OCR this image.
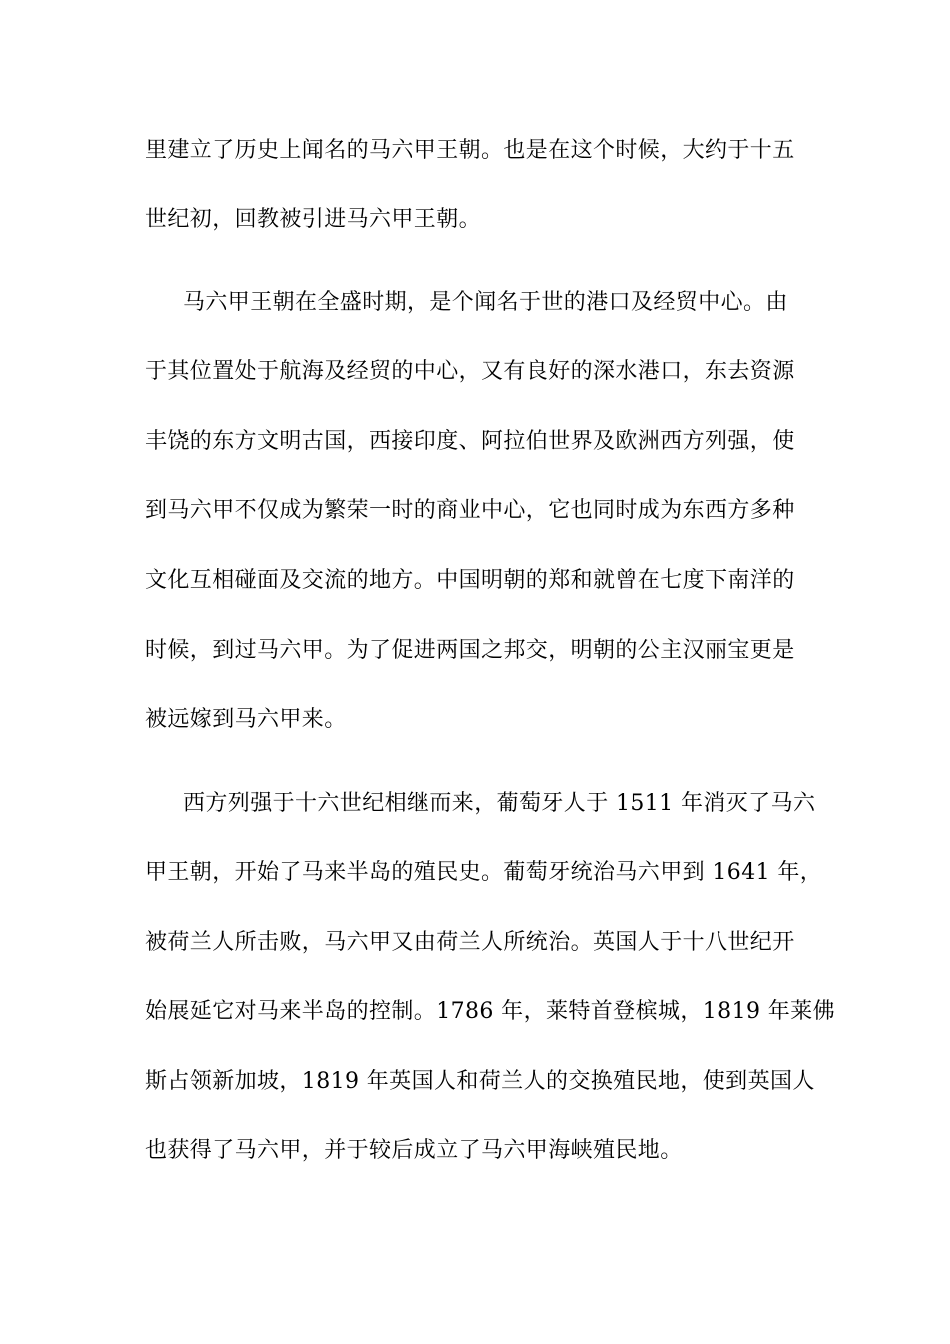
里建立了历史上闻名的马六甲王朝。也是在这个时候，大约于十五
世纪初，回教被引进马六甲王朝。
马六甲王朝在全盛时期，是个闻名于世的港口及经贸中心。由
于其位置处于航海及经贸的中心，又有良好的深水港口，东去资源
丰饶的东方文明古国，西接印度、阿拉伯世界及欧洲西方列强，使
到马六甲不仅成为繁荣一时的商业中心，它也同时成为东西方多种
文化互相碰面及交流的地方。中国明朝的郑和就曾在七度下南洋的
时候，到过马六甲。为了促进两国之邦交，明朝的公主汉丽宝更是
被远嫁到马六甲来。
西方列强于十六世纪相继而来，葡萄牙人于 1511 年消灭了马六
甲王朝，开始了马来半岛的殖民史。葡萄牙统治马六甲到 1641 年，
被荷兰人所击败，马六甲又由荷兰人所统治。英国人于十八世纪开
始展延它对马来半岛的控制。1786 年，莱特首登槟城，1819 年莱佛
斯占领新加坡，1819 年英国人和荷兰人的交换殖民地，使到英国人
也获得了马六甲，并于较后成立了马六甲海峡殖民地。
